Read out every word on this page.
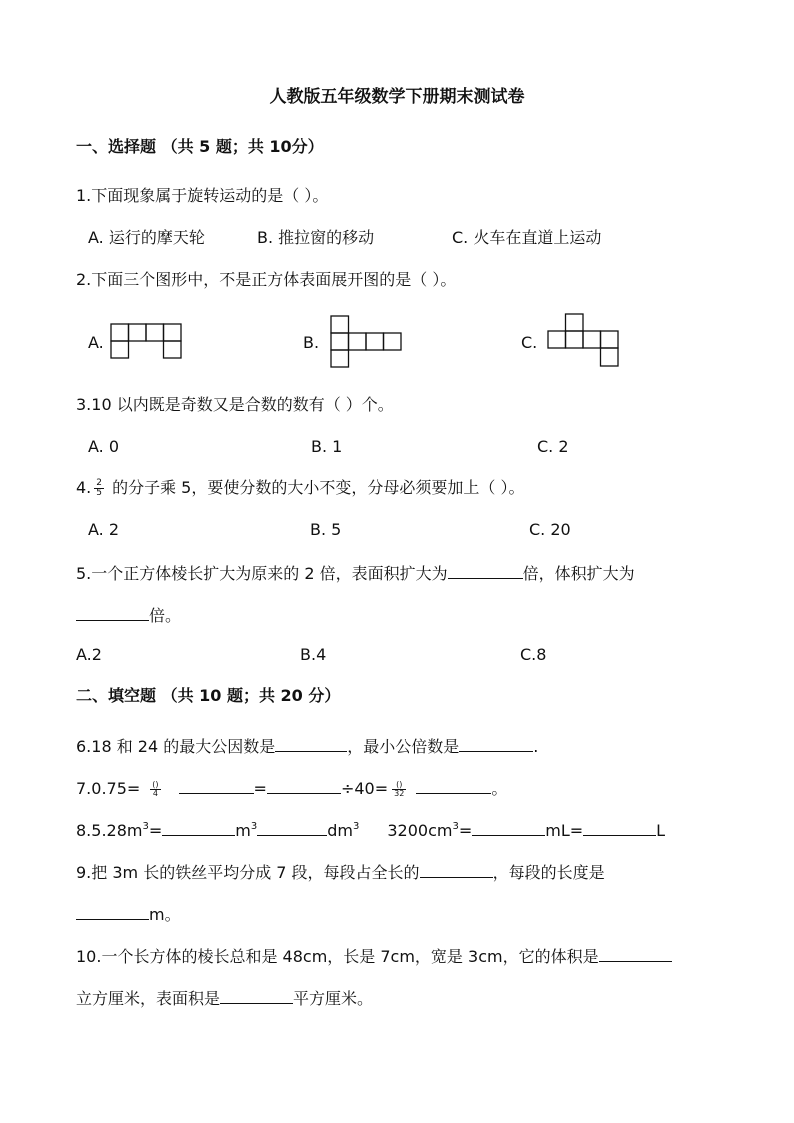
人教版五年级数学下册期末测试卷
一、选择题 （共 5 题；共 10分）
1.下面现象属于旋转运动的是（ ）。
A. 运行的摩天轮	B. 推拉窗的移动	C. 火车在直道上运动
2.下面三个图形中，不是正方体表面展开图的是（ ）。
A.	B.	C.
3.10 以内既是奇数又是合数的数有（ ）个。
A. 0	B. 1	C. 2
4. $\frac{2}{5}$ 的分子乘 5，要使分数的大小不变，分母必须要加上（ ）。
A. 2	B. 5	C. 20
5.一个正方体棱长扩大为原来的 2 倍，表面积扩大为	倍，体积扩大为
倍。
A.2	B.4	C.8
二、填空题 （共 10 题；共 20 分）
6.18 和 24 的最大公因数是	，最小公倍数是	.
$7.0.75= \frac{()}{4}$	=	$\div 40= \frac{()}{32}$	。
$8.5.28m^3=$	$m^3$	$dm^3$ $3200cm^3=$	mL=	L
9.把 3m 长的铁丝平均分成 7 段，每段占全长的	，每段的长度是
m。
10.一个长方体的棱长总和是 48cm，长是 7cm，宽是 3cm，它的体积是
立方厘米，表面积是	平方厘米。
